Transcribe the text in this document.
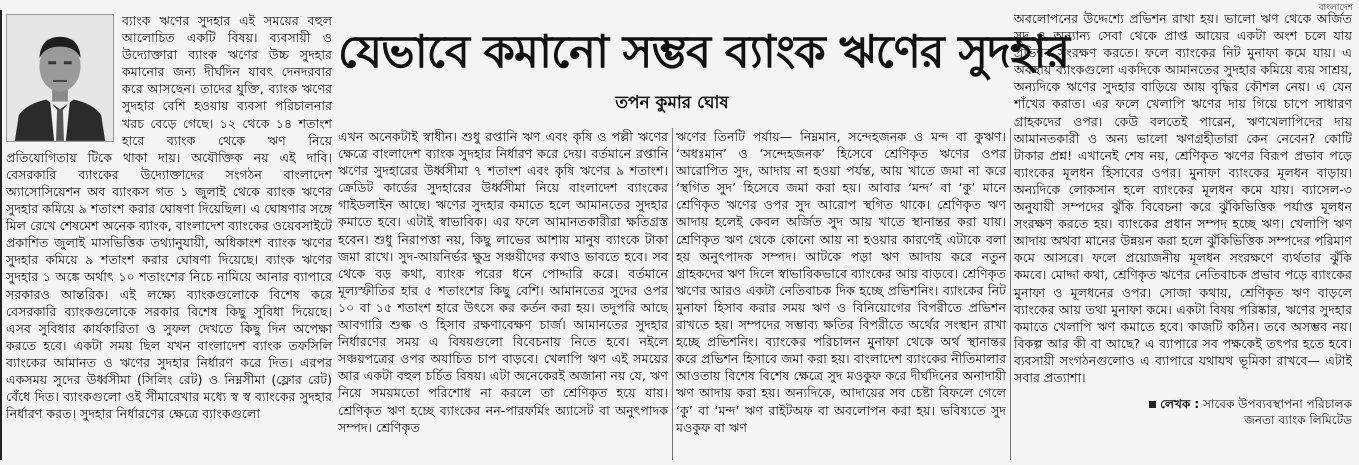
বাংলাদেশ

ব্যাংক ঋণের সুদহার এই সময়ের বহুল আলোচিত একটি বিষয়। ব্যবসায়ী ও উদ্যোক্তারা ব্যাংক ঋণের উচ্চ সুদহার কমানোর জন্য দীর্ঘদিন যাবৎ দেনদরবার করে আসছেন। তাদের যুক্তি, ব্যাংক ঋণের সুদহার বেশি হওয়ায় ব্যবসা পরিচালনার খরচ বেড়ে গেছে। ১২ থেকে ১৪ শতাংশ হারে ব্যাংক থেকে ঋণ নিয়ে প্রতিযোগিতায় টিকে থাকা দায়। অযৌক্তিক নয় এই দাবি। বেসরকারি ব্যাংকের উদ্যোক্তাদের সংগঠন বাংলাদেশ অ্যাসোসিয়েশন অব ব্যাংকস গত ১ জুলাই থেকে ব্যাংক ঋণের সুদহার কমিয়ে ৯ শতাংশ করার ঘোষণা দিয়েছিল। এ ঘোষণার সঙ্গে মিল রেখে শেষমেশ অনেক ব্যাংক, বাংলাদেশ ব্যাংকের ওয়েবসাইটে প্রকাশিত জুলাই মাসভিত্তিক তথ্যানুযায়ী, অধিকাংশ ব্যাংক ঋণের সুদহার কমিয়ে ৯ শতাংশ করার ঘোষণা দিয়েছে। ব্যাংক ঋণের সুদহার ১ অঙ্কে অর্থাৎ ১০ শতাংশের নিচে নামিয়ে আনার ব্যাপারে সরকারও আন্তরিক। এই লক্ষ্যে ব্যাংকগুলোকে বিশেষ করে বেসরকারি ব্যাংকগুলোকে সরকার বিশেষ কিছু সুবিধা দিয়েছে। এসব সুবিধার কার্যকারিতা ও সুফল দেখতে কিছু দিন অপেক্ষা করতে হবে। একটা সময় ছিল যখন বাংলাদেশ ব্যাংক তফসিলি ব্যাংকের আমানত ও ঋণের সুদহার নির্ধারণ করে দিত। এরপর একসময় সুদের উর্ধ্বসীমা (সিলিং রেট) ও নিম্নসীমা (ফ্লোর রেট) বেঁধে দিত। ব্যাংকগুলো ওই সীমারেখার মধ্যে স্ব স্ব ব্যাংকের সুদহার নির্ধারণ করত। সুদহার নির্ধারণের ক্ষেত্রে ব্যাংকগুলো

যেভাবে কমানো সম্ভব ব্যাংক ঋণের সুদহার
তপন কুমার ঘোষ

এখন অনেকটাই স্বাধীন। শুধু রপ্তানি ঋণ এবং কৃষি ও পল্লী ঋণের ক্ষেত্রে বাংলাদেশ ব্যাংক সুদহার নির্ধারণ করে দেয়। বর্তমানে রপ্তানি ঋণের সুদহারের উর্ধ্বসীমা ৭ শতাংশ এবং কৃষি ঋণের ৯ শতাংশ। ক্রেডিট কার্ডের সুদহারের উর্ধ্বসীমা নিয়ে বাংলাদেশ ব্যাংকের গাইডলাইন আছে। ঋণের সুদহার কমাতে হলে আমানতের সুদহার কমাতে হবে। এটাই স্বাভাবিক। এর ফলে আমানতকারীরা ক্ষতিগ্রস্ত হবেন। শুধু নিরাপত্তা নয়, কিছু লাভের আশায় মানুষ ব্যাংকে টাকা জমা রাখে। সুদ-আয়নির্ভর ক্ষুদ্র সঞ্চয়ীদের কথাও ভাবতে হবে। সব থেকে বড় কথা, ব্যাংক পরের ধনে পোদ্দারি করে। বর্তমানে মূল্যস্ফীতির হার ৫ শতাংশের কিছু বেশি। আমানতের সুদের ওপর ১০ বা ১৫ শতাংশ হারে উৎসে কর কর্তন করা হয়। তদুপরি আছে আবগারি শুল্ক ও হিসাব রক্ষণাবেক্ষণ চার্জ। আমানতের সুদহার নির্ধারণের সময় এ বিষয়গুলো বিবেচনায় নিতে হবে। নইলে সঞ্চয়পত্রের ওপর অযাচিত চাপ বাড়বে। খেলাপি ঋণ এই সময়ের আর একটা বহুল চর্চিত বিষয়। এটা অনেকেরই অজানা নয় যে, ঋণ নিয়ে সময়মতো পরিশোধ না করলে তা শ্রেণিকৃত হয়ে যায়। শ্রেণিকৃত ঋণ হচ্ছে ব্যাংকের নন-পারফর্মিং অ্যাসেট বা অনুৎপাদক সম্পদ। শ্রেণিকৃত

ঋণের তিনটি পর্যায়— নিম্নমান, সন্দেহজনক ও মন্দ বা কুঋণ। ‘অধঃমান’ ও ‘সন্দেহজনক’ হিসেবে শ্রেণিকৃত ঋণের ওপর আরোপিত সুদ, আদায় না হওয়া পর্যন্ত, আয় খাতে জমা না করে ‘স্থগিত সুদ’ হিসেবে জমা করা হয়। আবার ‘মন্দ’ বা ‘কু’ মানে শ্রেণিকৃত ঋণের ওপর সুদ আরোপ স্থগিত থাকে। শ্রেণিকৃত ঋণ আদায় হলেই কেবল অর্জিত সুদ আয় খাতে স্থানান্তর করা যায়। শ্রেণিকৃত ঋণ থেকে কোনো আয় না হওয়ার কারণেই এটাকে বলা হয় অনুৎপাদক সম্পদ। আটকে পড়া ঋণ আদায় করে নতুন গ্রাহকদের ঋণ দিলে স্বাভাবিকভাবে ব্যাংকের আয় বাড়বে। শ্রেণিকৃত ঋণের আরও একটা নেতিবাচক দিক হচ্ছে প্রভিশনিং। ব্যাংকের নিট মুনাফা হিসাব করার সময় ঋণ ও বিনিয়োগের বিপরীতে প্রভিশন রাখতে হয়। সম্পদের সম্ভাব্য ক্ষতির বিপরীতে অর্থের সংস্থান রাখা হচ্ছে প্রভিশনিং। ব্যাংকের পরিচালন মুনাফা থেকে অর্থ স্থানান্তর করে প্রভিশন হিসাবে জমা করা হয়। বাংলাদেশ ব্যাংকের নীতিমালার আওতায় বিশেষ বিশেষ ক্ষেত্রে সুদ মওকুফ করে দীর্ঘদিনের অনাদায়ী ঋণ আদায় করা হয়। অন্যদিকে, আদায়ের সব চেষ্টা বিফলে গেলে ‘কু’ বা ‘মন্দ’ ঋণ রাইটঅফ বা অবলোপন করা হয়। ভবিষ্যতে সুদ মওকুফ বা ঋণ

অবলোপনের উদ্দেশ্যে প্রভিশন রাখা হয়। ভালো ঋণ থেকে অর্জিত সুদ ও অন্যান্য সেবা থেকে প্রাপ্ত আয়ের একটা অংশ চলে যায় প্রভিশন সংরক্ষণ করতে। ফলে ব্যাংকের নিট মুনাফা কমে যায়। এ অবস্থায় ব্যাংকগুলো একদিকে আমানতের সুদহার কমিয়ে ব্যয় সাশ্রয়, অন্যদিকে ঋণের সুদহার বাড়িয়ে আয় বৃদ্ধির কৌশল নেয়। এ যেন শাঁখের করাত। এর ফলে খেলাপি ঋণের দায় গিয়ে চাপে সাধারণ গ্রাহকদের ওপর। কেউ বলতেই পারেন, ঋণখেলাপিদের দায় আমানতকারী ও অন্য ভালো ঋণগ্রহীতারা কেন নেবেন? কোটি টাকার প্রশ্ন! এখানেই শেষ নয়, শ্রেণিকৃত ঋণের বিরূপ প্রভাব পড়ে ব্যাংকের মূলধন হিসাবের ওপর। মুনাফা ব্যাংকের মূলধন বাড়ায়। অন্যদিকে লোকসান হলে ব্যাংকের মূলধন কমে যায়। ব্যাসেল-৩ অনুযায়ী সম্পদের ঝুঁকি বিবেচনা করে ঝুঁকিভিত্তিক পর্যাপ্ত মূলধন সংরক্ষণ করতে হয়। ব্যাংকের প্রধান সম্পদ হচ্ছে ঋণ। খেলাপি ঋণ আদায় অথবা মানের উন্নয়ন করা হলে ঝুঁকিভিত্তিক সম্পদের পরিমাণ কমে আসবে। ফলে প্রয়োজনীয় মূলধন সংরক্ষণে ব্যর্থতার ঝুঁকি কমবে। মোদ্দা কথা, শ্রেণিকৃত ঋণের নেতিবাচক প্রভাব পড়ে ব্যাংকের মুনাফা ও মূলধনের ওপর। সোজা কথায়, শ্রেণিকৃত ঋণ বাড়লে ব্যাংকের আয় তথা মুনাফা কমে। একটা বিষয় পরিষ্কার, ঋণের সুদহার কমাতে খেলাপি ঋণ কমাতে হবে। কাজটি কঠিন। তবে অসম্ভব নয়। বিকল্প আর কী বা আছে? এ ব্যাপারে সব পক্ষকেই তৎপর হতে হবে। ব্যবসায়ী সংগঠনগুলোও এ ব্যাপারে যথাযথ ভূমিকা রাখবে— এটাই সবার প্রত্যাশা।

লেখক : সাবেক উপব্যবস্থাপনা পরিচালক
জনতা ব্যাংক লিমিটেড
